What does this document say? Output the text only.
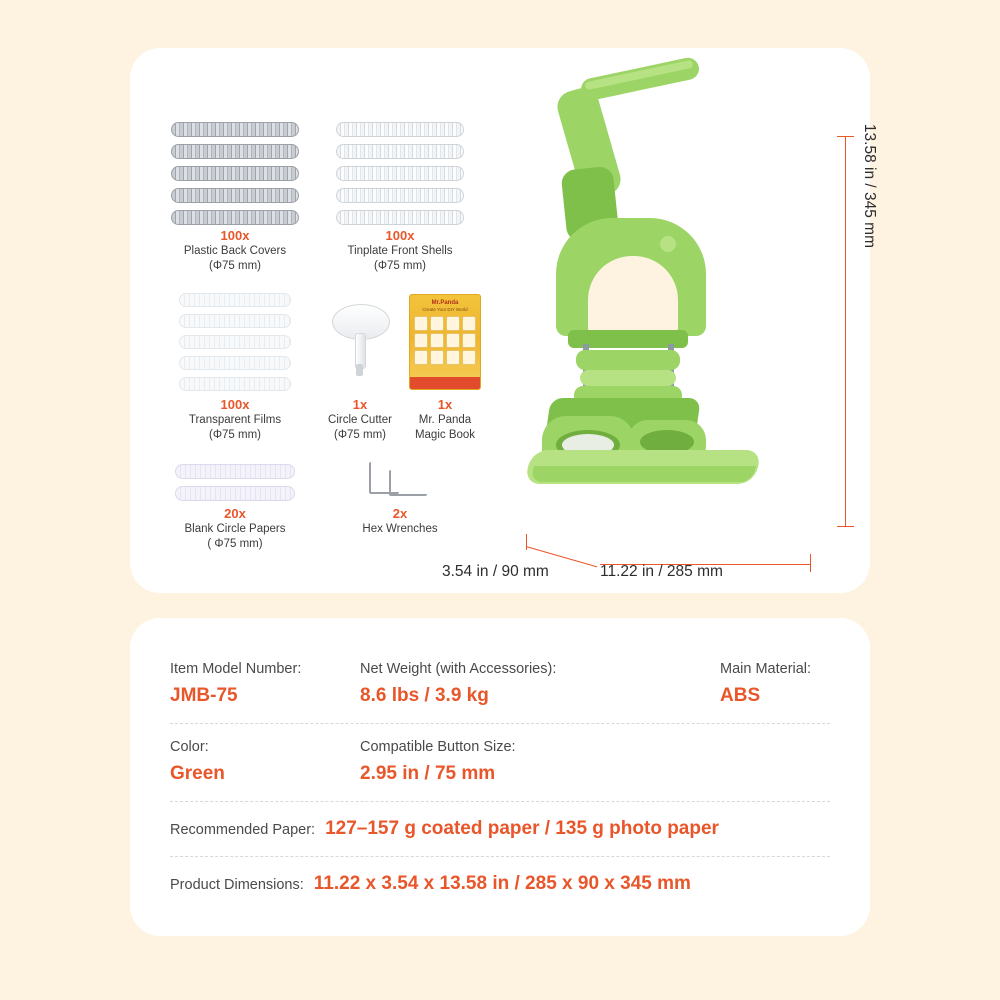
100x
Plastic Back Covers
(Φ75 mm)
100x
Tinplate Front Shells
(Φ75 mm)
100x
Transparent Films
(Φ75 mm)
1x
Circle Cutter
(Φ75 mm)
Mr.Panda
Create Your DIY World
1x
Mr. Panda
Magic Book
20x
Blank Circle Papers
( Φ75 mm)
2x
Hex Wrenches
13.58 in / 345 mm
3.54 in / 90 mm	11.22 in / 285 mm
Item Model Number:
JMB-75
Net Weight (with Accessories):
8.6 lbs / 3.9 kg
Main Material:
ABS
Color:
Green
Compatible Button Size:
2.95 in / 75 mm
Recommended Paper: 127–157 g coated paper / 135 g photo paper
Product Dimensions: 11.22 x 3.54 x 13.58 in / 285 x 90 x 345 mm
